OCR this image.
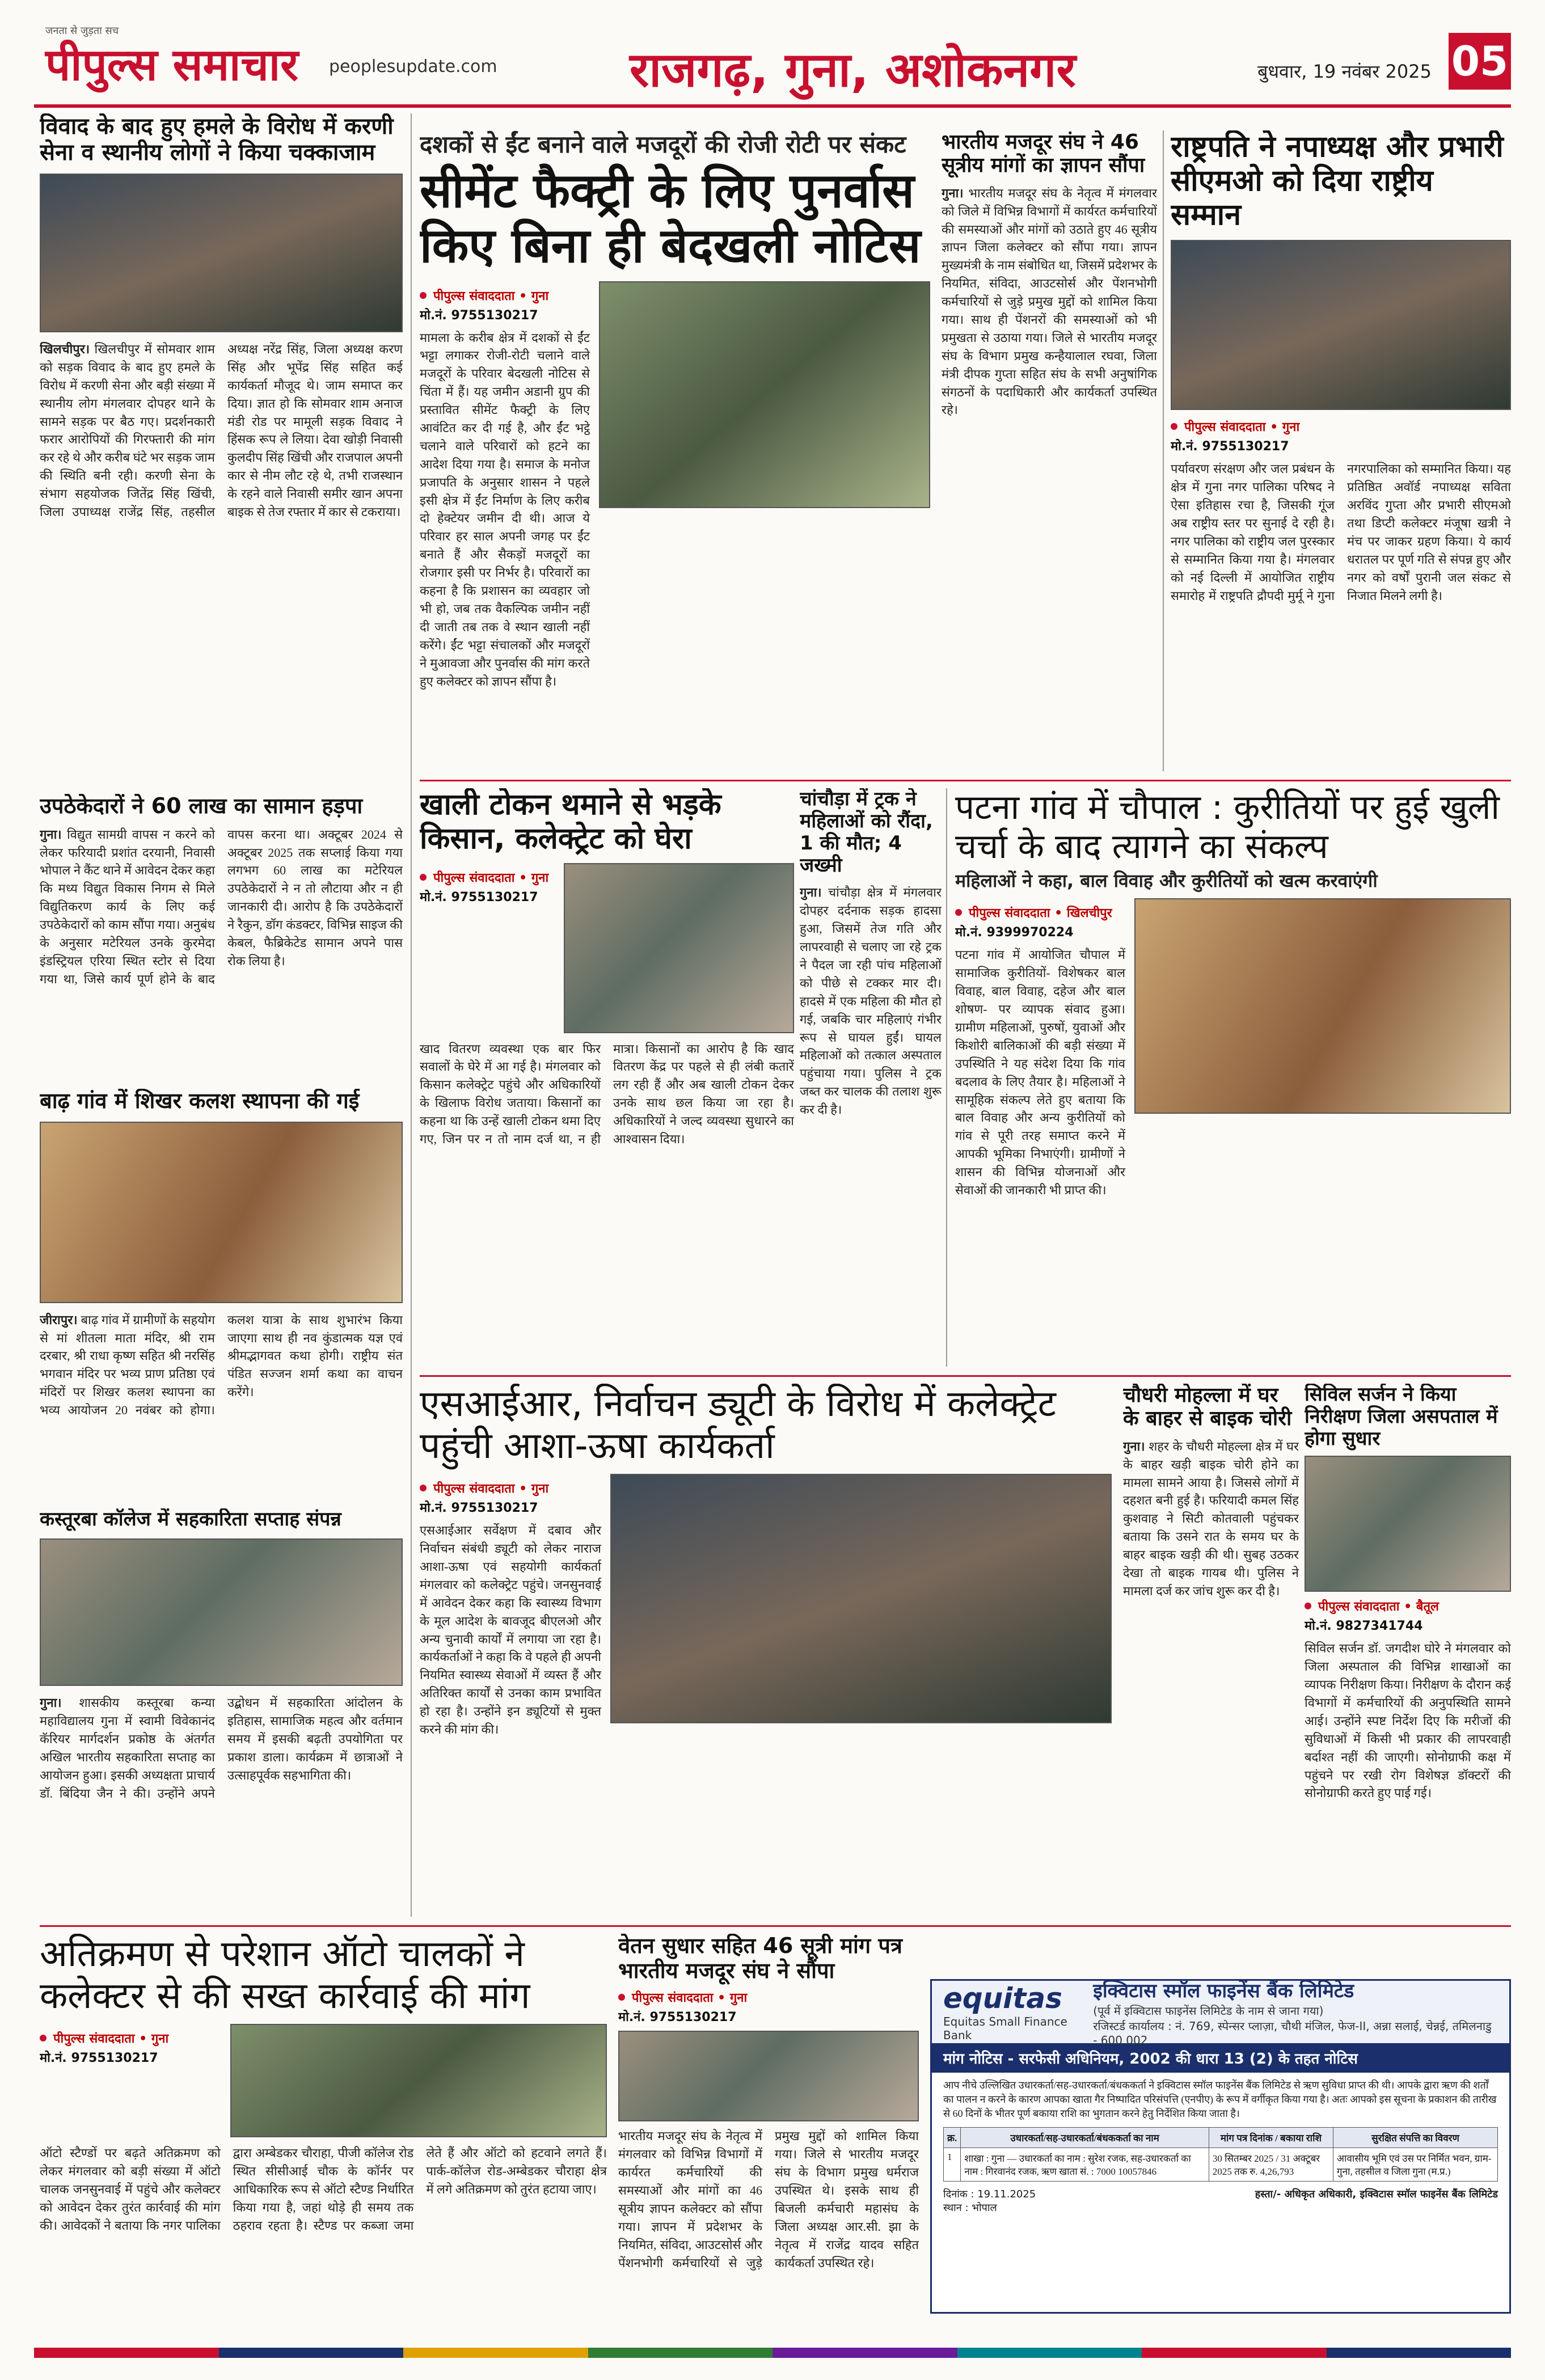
जनता से जुड़ता सच
पीपुल्स समाचार peoplesupdate.com	राजगढ़, गुना, अशोकनगर	बुधवार, 19 नवंबर 2025 05
विवाद के बाद हुए हमले के विरोध में करणी सेना व स्थानीय लोगों ने किया चक्काजाम
खिलचीपुर। खिलचीपुर में सोमवार शाम को सड़क विवाद के बाद हुए हमले के विरोध में करणी सेना और बड़ी संख्या में स्थानीय लोग मंगलवार दोपहर थाने के सामने सड़क पर बैठ गए। प्रदर्शनकारी फरार आरोपियों की गिरफ्तारी की मांग कर रहे थे और करीब घंटे भर सड़क जाम की स्थिति बनी रही। करणी सेना के संभाग सहयोजक जितेंद्र सिंह खिंची, जिला उपाध्यक्ष राजेंद्र सिंह, तहसील अध्यक्ष नरेंद्र सिंह, जिला अध्यक्ष करण सिंह और भूपेंद्र सिंह सहित कई कार्यकर्ता मौजूद थे। जाम समाप्त कर दिया। ज्ञात हो कि सोमवार शाम अनाज मंडी रोड पर मामूली सड़क विवाद ने हिंसक रूप ले लिया। देवा खोड़ी निवासी कुलदीप सिंह खिंची और राजपाल अपनी कार से नीम लौट रहे थे, तभी राजस्थान के रहने वाले निवासी समीर खान अपना बाइक से तेज रफ्तार में कार से टकराया।
उपठेकेदारों ने 60 लाख का सामान हड़पा
गुना। विद्युत सामग्री वापस न करने को लेकर फरियादी प्रशांत दरयानी, निवासी भोपाल ने कैंट थाने में आवेदन देकर कहा कि मध्य विद्युत विकास निगम से मिले विद्युतिकरण कार्य के लिए कई उपठेकेदारों को काम सौंपा गया। अनुबंध के अनुसार मटेरियल उनके कुरमेदा इंडस्ट्रियल एरिया स्थित स्टोर से दिया गया था, जिसे कार्य पूर्ण होने के बाद वापस करना था। अक्टूबर 2024 से अक्टूबर 2025 तक सप्लाई किया गया लगभग 60 लाख का मटेरियल उपठेकेदारों ने न तो लौटाया और न ही जानकारी दी। आरोप है कि उपठेकेदारों ने रैकुन, डॉग कंडक्टर, विभिन्न साइज की केबल, फैब्रिकेटेड सामान अपने पास रोक लिया है।
बाढ़ गांव में शिखर कलश स्थापना की गई
जीरापुर। बाढ़ गांव में ग्रामीणों के सहयोग से मां शीतला माता मंदिर, श्री राम दरबार, श्री राधा कृष्ण सहित श्री नरसिंह भगवान मंदिर पर भव्य प्राण प्रतिष्ठा एवं मंदिरों पर शिखर कलश स्थापना का भव्य आयोजन 20 नवंबर को होगा। कलश यात्रा के साथ शुभारंभ किया जाएगा साथ ही नव कुंडात्मक यज्ञ एवं श्रीमद्भागवत कथा होगी। राष्ट्रीय संत पंडित सज्जन शर्मा कथा का वाचन करेंगे।
कस्तूरबा कॉलेज में सहकारिता सप्ताह संपन्न
गुना। शासकीय कस्तूरबा कन्या महाविद्यालय गुना में स्वामी विवेकानंद कॅरियर मार्गदर्शन प्रकोष्ठ के अंतर्गत अखिल भारतीय सहकारिता सप्ताह का आयोजन हुआ। इसकी अध्यक्षता प्राचार्य डॉ. बिंदिया जैन ने की। उन्होंने अपने उद्बोधन में सहकारिता आंदोलन के इतिहास, सामाजिक महत्व और वर्तमान समय में इसकी बढ़ती उपयोगिता पर प्रकाश डाला। कार्यक्रम में छात्राओं ने उत्साहपूर्वक सहभागिता की।
दशकों से ईंट बनाने वाले मजदूरों की रोजी रोटी पर संकट
सीमेंट फैक्ट्री के लिए पुनर्वास किए बिना ही बेदखली नोटिस
पीपुल्स संवाददाता • गुना
मो.नं. 9755130217
मामला के करीब क्षेत्र में दशकों से ईंट भट्टा लगाकर रोजी-रोटी चलाने वाले मजदूरों के परिवार बेदखली नोटिस से चिंता में हैं। यह जमीन अडानी ग्रुप की प्रस्तावित सीमेंट फैक्ट्री के लिए आवंटित कर दी गई है, और ईंट भट्ठे चलाने वाले परिवारों को हटने का आदेश दिया गया है। समाज के मनोज प्रजापति के अनुसार शासन ने पहले इसी क्षेत्र में ईंट निर्माण के लिए करीब दो हेक्टेयर जमीन दी थी। आज ये परिवार हर साल अपनी जगह पर ईंट बनाते हैं और सैकड़ों मजदूरों का रोजगार इसी पर निर्भर है। परिवारों का कहना है कि प्रशासन का व्यवहार जो भी हो, जब तक वैकल्पिक जमीन नहीं दी जाती तब तक वे स्थान खाली नहीं करेंगे। ईंट भट्टा संचालकों और मजदूरों ने मुआवजा और पुनर्वास की मांग करते हुए कलेक्टर को ज्ञापन सौंपा है।
भारतीय मजदूर संघ ने 46 सूत्रीय मांगों का ज्ञापन सौंपा
गुना। भारतीय मजदूर संघ के नेतृत्व में मंगलवार को जिले में विभिन्न विभागों में कार्यरत कर्मचारियों की समस्याओं और मांगों को उठाते हुए 46 सूत्रीय ज्ञापन जिला कलेक्टर को सौंपा गया। ज्ञापन मुख्यमंत्री के नाम संबोधित था, जिसमें प्रदेशभर के नियमित, संविदा, आउटसोर्स और पेंशनभोगी कर्मचारियों से जुड़े प्रमुख मुद्दों को शामिल किया गया। साथ ही पेंशनरों की समस्याओं को भी प्रमुखता से उठाया गया। जिले से भारतीय मजदूर संघ के विभाग प्रमुख कन्हैयालाल रघवा, जिला मंत्री दीपक गुप्ता सहित संघ के सभी अनुषांगिक संगठनों के पदाधिकारी और कार्यकर्ता उपस्थित रहे।
राष्ट्रपति ने नपाध्यक्ष और प्रभारी सीएमओ को दिया राष्ट्रीय सम्मान
पीपुल्स संवाददाता • गुना
मो.नं. 9755130217
पर्यावरण संरक्षण और जल प्रबंधन के क्षेत्र में गुना नगर पालिका परिषद ने ऐसा इतिहास रचा है, जिसकी गूंज अब राष्ट्रीय स्तर पर सुनाई दे रही है। नगर पालिका को राष्ट्रीय जल पुरस्कार से सम्मानित किया गया है। मंगलवार को नई दिल्ली में आयोजित राष्ट्रीय समारोह में राष्ट्रपति द्रौपदी मुर्मू ने गुना नगरपालिका को सम्मानित किया। यह प्रतिष्ठित अवॉर्ड नपाध्यक्ष सविता अरविंद गुप्ता और प्रभारी सीएमओ तथा डिप्टी कलेक्टर मंजूषा खत्री ने मंच पर जाकर ग्रहण किया। ये कार्य धरातल पर पूर्ण गति से संपन्न हुए और नगर को वर्षों पुरानी जल संकट से निजात मिलने लगी है।
खाली टोकन थमाने से भड़के किसान, कलेक्ट्रेट को घेरा
पीपुल्स संवाददाता • गुना
मो.नं. 9755130217
खाद वितरण व्यवस्था एक बार फिर सवालों के घेरे में आ गई है। मंगलवार को किसान कलेक्ट्रेट पहुंचे और अधिकारियों के खिलाफ विरोध जताया। किसानों का कहना था कि उन्हें खाली टोकन थमा दिए गए, जिन पर न तो नाम दर्ज था, न ही मात्रा। किसानों का आरोप है कि खाद वितरण केंद्र पर पहले से ही लंबी कतारें लग रही हैं और अब खाली टोकन देकर उनके साथ छल किया जा रहा है। अधिकारियों ने जल्द व्यवस्था सुधारने का आश्वासन दिया।
चांचौड़ा में ट्रक ने महिलाओं को रौंदा, 1 की मौत; 4 जख्मी
गुना। चांचौड़ा क्षेत्र में मंगलवार दोपहर दर्दनाक सड़क हादसा हुआ, जिसमें तेज गति और लापरवाही से चलाए जा रहे ट्रक ने पैदल जा रही पांच महिलाओं को पीछे से टक्कर मार दी। हादसे में एक महिला की मौत हो गई, जबकि चार महिलाएं गंभीर रूप से घायल हुईं। घायल महिलाओं को तत्काल अस्पताल पहुंचाया गया। पुलिस ने ट्रक जब्त कर चालक की तलाश शुरू कर दी है।
पटना गांव में चौपाल : कुरीतियों पर हुई खुली चर्चा के बाद त्यागने का संकल्प
महिलाओं ने कहा, बाल विवाह और कुरीतियों को खत्म करवाएंगी
पीपुल्स संवाददाता • खिलचीपुर
मो.नं. 9399970224
पटना गांव में आयोजित चौपाल में सामाजिक कुरीतियों- विशेषकर बाल विवाह, बाल विवाह, दहेज और बाल शोषण- पर व्यापक संवाद हुआ। ग्रामीण महिलाओं, पुरुषों, युवाओं और किशोरी बालिकाओं की बड़ी संख्या में उपस्थिति ने यह संदेश दिया कि गांव बदलाव के लिए तैयार है। महिलाओं ने सामूहिक संकल्प लेते हुए बताया कि बाल विवाह और अन्य कुरीतियों को गांव से पूरी तरह समाप्त करने में आपकी भूमिका निभाएंगी। ग्रामीणों ने शासन की विभिन्न योजनाओं और सेवाओं की जानकारी भी प्राप्त की।
एसआईआर, निर्वाचन ड्यूटी के विरोध में कलेक्ट्रेट पहुंची आशा-ऊषा कार्यकर्ता
पीपुल्स संवाददाता • गुना
मो.नं. 9755130217
एसआईआर सर्वेक्षण में दबाव और निर्वाचन संबंधी ड्यूटी को लेकर नाराज आशा-ऊषा एवं सहयोगी कार्यकर्ता मंगलवार को कलेक्ट्रेट पहुंचे। जनसुनवाई में आवेदन देकर कहा कि स्वास्थ्य विभाग के मूल आदेश के बावजूद बीएलओ और अन्य चुनावी कार्यों में लगाया जा रहा है। कार्यकर्ताओं ने कहा कि वे पहले ही अपनी नियमित स्वास्थ्य सेवाओं में व्यस्त हैं और अतिरिक्त कार्यों से उनका काम प्रभावित हो रहा है। उन्होंने इन ड्यूटियों से मुक्त करने की मांग की।
चौधरी मोहल्ला में घर के बाहर से बाइक चोरी
गुना। शहर के चौधरी मोहल्ला क्षेत्र में घर के बाहर खड़ी बाइक चोरी होने का मामला सामने आया है। जिससे लोगों में दहशत बनी हुई है। फरियादी कमल सिंह कुशवाह ने सिटी कोतवाली पहुंचकर बताया कि उसने रात के समय घर के बाहर बाइक खड़ी की थी। सुबह उठकर देखा तो बाइक गायब थी। पुलिस ने मामला दर्ज कर जांच शुरू कर दी है।
सिविल सर्जन ने किया निरीक्षण जिला असपताल में होगा सुधार
पीपुल्स संवाददाता • बैतूल
मो.नं. 9827341744
सिविल सर्जन डॉ. जगदीश घोरे ने मंगलवार को जिला अस्पताल की विभिन्न शाखाओं का व्यापक निरीक्षण किया। निरीक्षण के दौरान कई विभागों में कर्मचारियों की अनुपस्थिति सामने आई। उन्होंने स्पष्ट निर्देश दिए कि मरीजों की सुविधाओं में किसी भी प्रकार की लापरवाही बर्दाश्त नहीं की जाएगी। सोनोग्राफी कक्ष में पहुंचने पर रखी रोग विशेषज्ञ डॉक्टरों की सोनोग्राफी करते हुए पाई गई।
अतिक्रमण से परेशान ऑटो चालकों ने कलेक्टर से की सख्त कार्रवाई की मांग
पीपुल्स संवाददाता • गुना
मो.नं. 9755130217
ऑटो स्टैण्डों पर बढ़ते अतिक्रमण को लेकर मंगलवार को बड़ी संख्या में ऑटो चालक जनसुनवाई में पहुंचे और कलेक्टर को आवेदन देकर तुरंत कार्रवाई की मांग की। आवेदकों ने बताया कि नगर पालिका द्वारा अम्बेडकर चौराहा, पीजी कॉलेज रोड स्थित सीसीआई चौक के कॉर्नर पर आधिकारिक रूप से ऑटो स्टैण्ड निर्धारित किया गया है, जहां थोड़े ही समय तक ठहराव रहता है। स्टैण्ड पर कब्जा जमा लेते हैं और ऑटो को हटवाने लगते हैं। पार्क-कॉलेज रोड-अम्बेडकर चौराहा क्षेत्र में लगे अतिक्रमण को तुरंत हटाया जाए।
वेतन सुधार सहित 46 सूत्री मांग पत्र भारतीय मजदूर संघ ने सौंपा
पीपुल्स संवाददाता • गुना
मो.नं. 9755130217
भारतीय मजदूर संघ के नेतृत्व में मंगलवार को विभिन्न विभागों में कार्यरत कर्मचारियों की समस्याओं और मांगों का 46 सूत्रीय ज्ञापन कलेक्टर को सौंपा गया। ज्ञापन में प्रदेशभर के नियमित, संविदा, आउटसोर्स और पेंशनभोगी कर्मचारियों से जुड़े प्रमुख मुद्दों को शामिल किया गया। जिले से भारतीय मजदूर संघ के विभाग प्रमुख धर्मराज उपस्थित थे। इसके साथ ही बिजली कर्मचारी महासंघ के जिला अध्यक्ष आर.सी. झा के नेतृत्व में राजेंद्र यादव सहित कार्यकर्ता उपस्थित रहे।
equitas
Equitas Small Finance Bank
इक्विटास स्मॉल फाइनेंस बैंक लिमिटेड
(पूर्व में इक्विटास फाइनेंस लिमिटेड के नाम से जाना गया)
रजिस्टर्ड कार्यालय : नं. 769, स्पेन्सर प्लाज़ा, चौथी मंजिल, फेज-II, अन्ना सलाई, चेन्नई, तमिलनाडु - 600 002
मांग नोटिस - सरफेसी अधिनियम, 2002 की धारा 13 (2) के तहत नोटिस
आप नीचे उल्लिखित उधारकर्ता/सह-उधारकर्ता/बंधककर्ता ने इक्विटास स्मॉल फाइनेंस बैंक लिमिटेड से ऋण सुविधा प्राप्त की थी। आपके द्वारा ऋण की शर्तों का पालन न करने के कारण आपका खाता गैर निष्पादित परिसंपत्ति (एनपीए) के रूप में वर्गीकृत किया गया है। अतः आपको इस सूचना के प्रकाशन की तारीख से 60 दिनों के भीतर पूर्ण बकाया राशि का भुगतान करने हेतु निर्देशित किया जाता है।
क्र.	उधारकर्ता/सह-उधारकर्ता/बंधककर्ता का नाम	मांग पत्र दिनांक / बकाया राशि	सुरक्षित संपत्ति का विवरण
1	शाखा : गुना — उधारकर्ता का नाम : सुरेश रजक, सह-उधारकर्ता का नाम : गिरवानंद रजक, ऋण खाता सं. : 7000 10057846	30 सितम्बर 2025 / 31 अक्टूबर 2025 तक रु. 4,26,793	आवासीय भूमि एवं उस पर निर्मित भवन, ग्राम-गुना, तहसील व जिला गुना (म.प्र.)
दिनांक : 19.11.2025
स्थान : भोपाल
हस्ता/- अधिकृत अधिकारी, इक्विटास स्मॉल फाइनेंस बैंक लिमिटेड
